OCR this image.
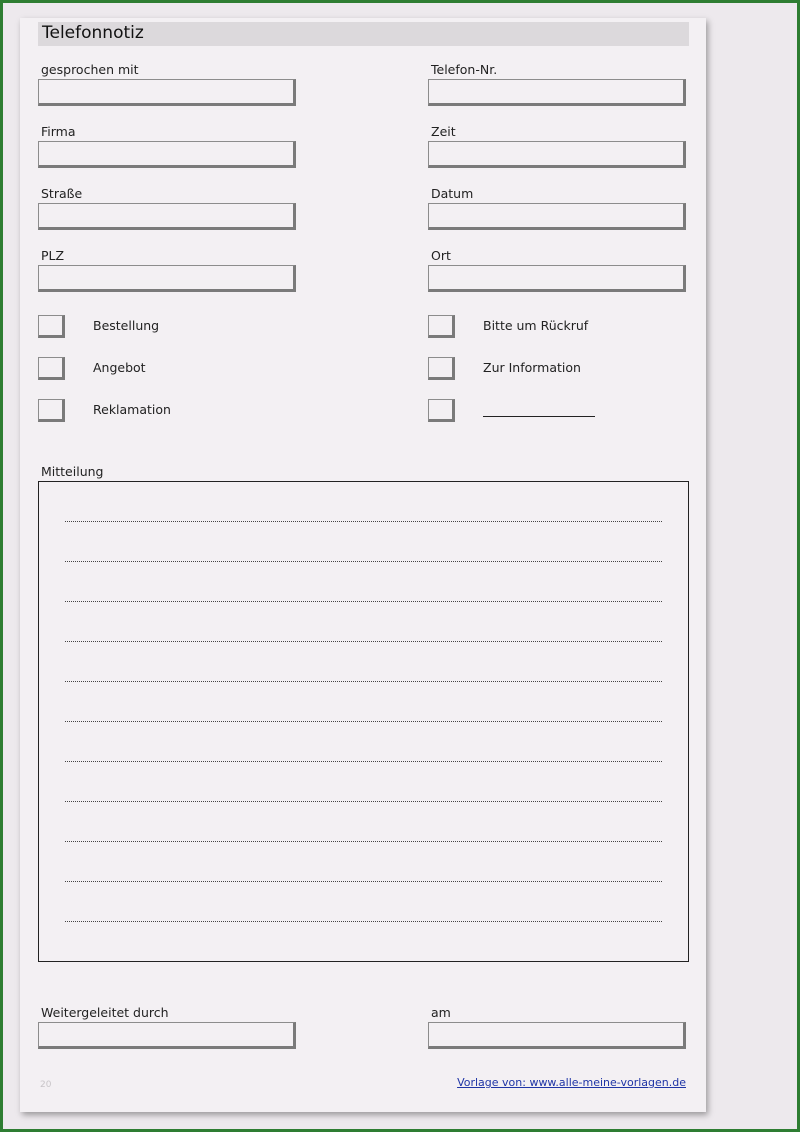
Telefonnotiz
gesprochen mit	Telefon-Nr.
Firma	Zeit
Straße	Datum
PLZ	Ort
Bestellung	Bitte um Rückruf
Angebot	Zur Information
Reklamation
Mitteilung
Weitergeleitet durch	am
20	Vorlage von: www.alle-meine-vorlagen.de
